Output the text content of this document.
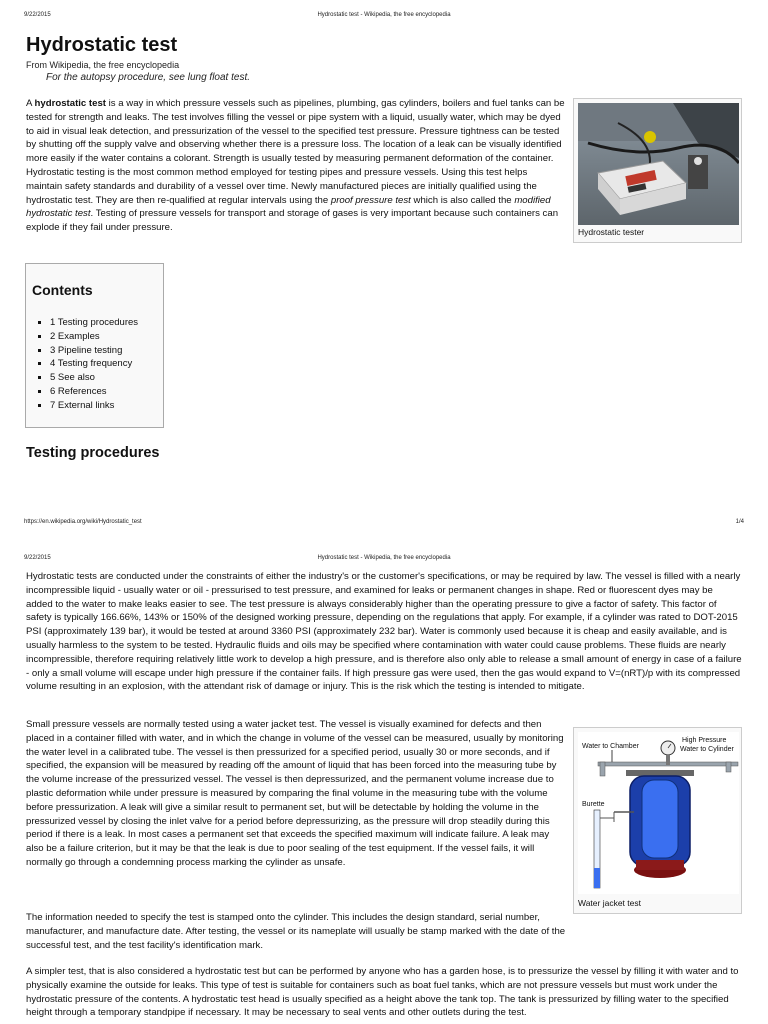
9/22/2015	Hydrostatic test - Wikipedia, the free encyclopedia
Hydrostatic test
From Wikipedia, the free encyclopedia
For the autopsy procedure, see lung float test.

A hydrostatic test is a way in which pressure vessels such as pipelines, plumbing, gas cylinders, boilers and fuel tanks can be tested for strength and leaks. The test involves filling the vessel or pipe system with a liquid, usually water, which may be dyed to aid in visual leak detection, and pressurization of the vessel to the specified test pressure. Pressure tightness can be tested by shutting off the supply valve and observing whether there is a pressure loss. The location of a leak can be visually identified more easily if the water contains a colorant. Strength is usually tested by measuring permanent deformation of the container. Hydrostatic testing is the most common method employed for testing pipes and pressure vessels. Using this test helps maintain safety standards and durability of a vessel over time. Newly manufactured pieces are initially qualified using the hydrostatic test. They are then re-qualified at regular intervals using the proof pressure test which is also called the modified hydrostatic test. Testing of pressure vessels for transport and storage of gases is very important because such containers can explode if they fail under pressure.	Hydrostatic tester
Contents
▪ 1 Testing procedures
▪ 2 Examples
▪ 3 Pipeline testing
▪ 4 Testing frequency
▪ 5 See also
▪ 6 References
▪ 7 External links
Testing procedures
https://en.wikipedia.org/wiki/Hydrostatic_test	1/4
9/22/2015	Hydrostatic test - Wikipedia, the free encyclopedia

Hydrostatic tests are conducted under the constraints of either the industry's or the customer's specifications, or may be required by law. The vessel is filled with a nearly incompressible liquid - usually water or oil - pressurised to test pressure, and examined for leaks or permanent changes in shape. Red or fluorescent dyes may be added to the water to make leaks easier to see. The test pressure is always considerably higher than the operating pressure to give a factor of safety. This factor of safety is typically 166.66%, 143% or 150% of the designed working pressure, depending on the regulations that apply. For example, if a cylinder was rated to DOT-2015 PSI (approximately 139 bar), it would be tested at around 3360 PSI (approximately 232 bar). Water is commonly used because it is cheap and easily available, and is usually harmless to the system to be tested. Hydraulic fluids and oils may be specified where contamination with water could cause problems. These fluids are nearly incompressible, therefore requiring relatively little work to develop a high pressure, and is therefore also only able to release a small amount of energy in case of a failure - only a small volume will escape under high pressure if the container fails. If high pressure gas were used, then the gas would expand to V=(nRT)/p with its compressed volume resulting in an explosion, with the attendant risk of damage or injury. This is the risk which the testing is intended to mitigate.

Small pressure vessels are normally tested using a water jacket test. The vessel is visually examined for defects and then placed in a container filled with water, and in which the change in volume of the vessel can be measured, usually by monitoring the water level in a calibrated tube. The vessel is then pressurized for a specified period, usually 30 or more seconds, and if specified, the expansion will be measured by reading off the amount of liquid that has been forced into the measuring tube by the volume increase of the pressurized vessel. The vessel is then depressurized, and the permanent volume increase due to plastic deformation while under pressure is measured by comparing the final volume in the measuring tube with the volume before pressurization. A leak will give a similar result to permanent set, but will be detectable by holding the volume in the pressurized vessel by closing the inlet valve for a period before depressurizing, as the pressure will drop steadily during this period if there is a leak. In most cases a permanent set that exceeds the specified maximum will indicate failure. A leak may also be a failure criterion, but it may be that the leak is due to poor sealing of the test equipment. If the vessel fails, it will normally go through a condemning process marking the cylinder as unsafe.

Water to Chamber
High Pressure
Water to Cylinder
Burette
Water jacket test

The information needed to specify the test is stamped onto the cylinder. This includes the design standard, serial number, manufacturer, and manufacture date. After testing, the vessel or its nameplate will usually be stamp marked with the date of the successful test, and the test facility's identification mark.

A simpler test, that is also considered a hydrostatic test but can be performed by anyone who has a garden hose, is to pressurize the vessel by filling it with water and to physically examine the outside for leaks. This type of test is suitable for containers such as boat fuel tanks, which are not pressure vessels but must work under the hydrostatic pressure of the contents. A hydrostatic test head is usually specified as a height above the tank top. The tank is pressurized by filling water to the specified height through a temporary standpipe if necessary. It may be necessary to seal vents and other outlets during the test.
